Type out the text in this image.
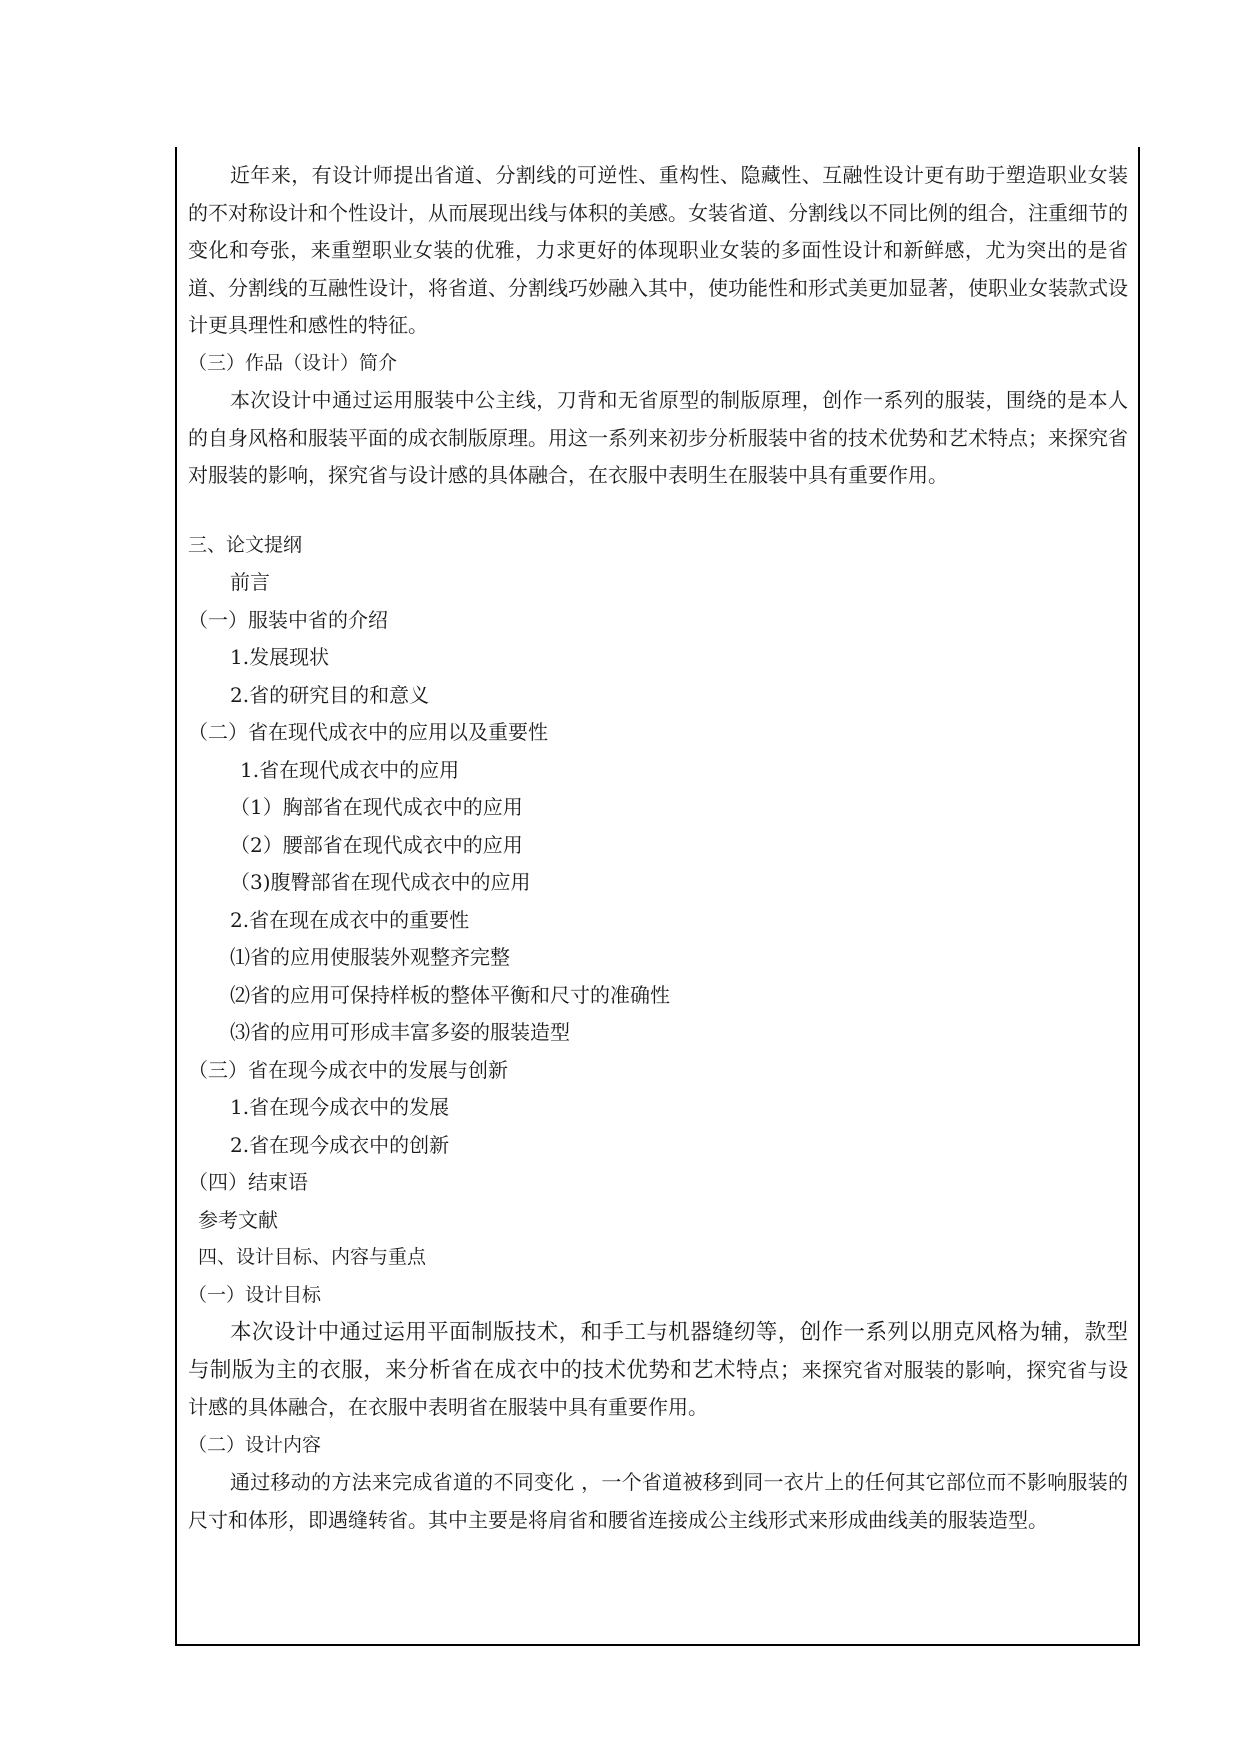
近年来，有设计师提出省道、分割线的可逆性、重构性、隐藏性、互融性设计更有助于塑造职业女装的不对称设计和个性设计，从而展现出线与体积的美感。女装省道、分割线以不同比例的组合，注重细节的变化和夸张，来重塑职业女装的优雅，力求更好的体现职业女装的多面性设计和新鲜感，尤为突出的是省道、分割线的互融性设计，将省道、分割线巧妙融入其中，使功能性和形式美更加显著，使职业女装款式设计更具理性和感性的特征。

（三）作品（设计）简介

本次设计中通过运用服装中公主线，刀背和无省原型的制版原理，创作一系列的服装，围绕的是本人的自身风格和服装平面的成衣制版原理。用这一系列来初步分析服装中省的技术优势和艺术特点；来探究省对服装的影响，探究省与设计感的具体融合，在衣服中表明生在服装中具有重要作用。

三、论文提纲

前言

（一）服装中省的介绍

1.发展现状

2.省的研究目的和意义

（二）省在现代成衣中的应用以及重要性

1.省在现代成衣中的应用

（1）胸部省在现代成衣中的应用

（2）腰部省在现代成衣中的应用

（3)腹臀部省在现代成衣中的应用

2.省在现在成衣中的重要性

⑴省的应用使服装外观整齐完整

⑵省的应用可保持样板的整体平衡和尺寸的准确性

⑶省的应用可形成丰富多姿的服装造型

（三）省在现今成衣中的发展与创新

1.省在现今成衣中的发展

2.省在现今成衣中的创新

（四）结束语

参考文献

四、设计目标、内容与重点

（一）设计目标

本次设计中通过运用平面制版技术，和手工与机器缝纫等，创作一系列以朋克风格为辅，款型与制版为主的衣服，来分析省在成衣中的技术优势和艺术特点；来探究省对服装的影响，探究省与设计感的具体融合，在衣服中表明省在服装中具有重要作用。

（二）设计内容

通过移动的方法来完成省道的不同变化 ，一个省道被移到同一衣片上的任何其它部位而不影响服装的尺寸和体形，即遇缝转省。其中主要是将肩省和腰省连接成公主线形式来形成曲线美的服装造型。
